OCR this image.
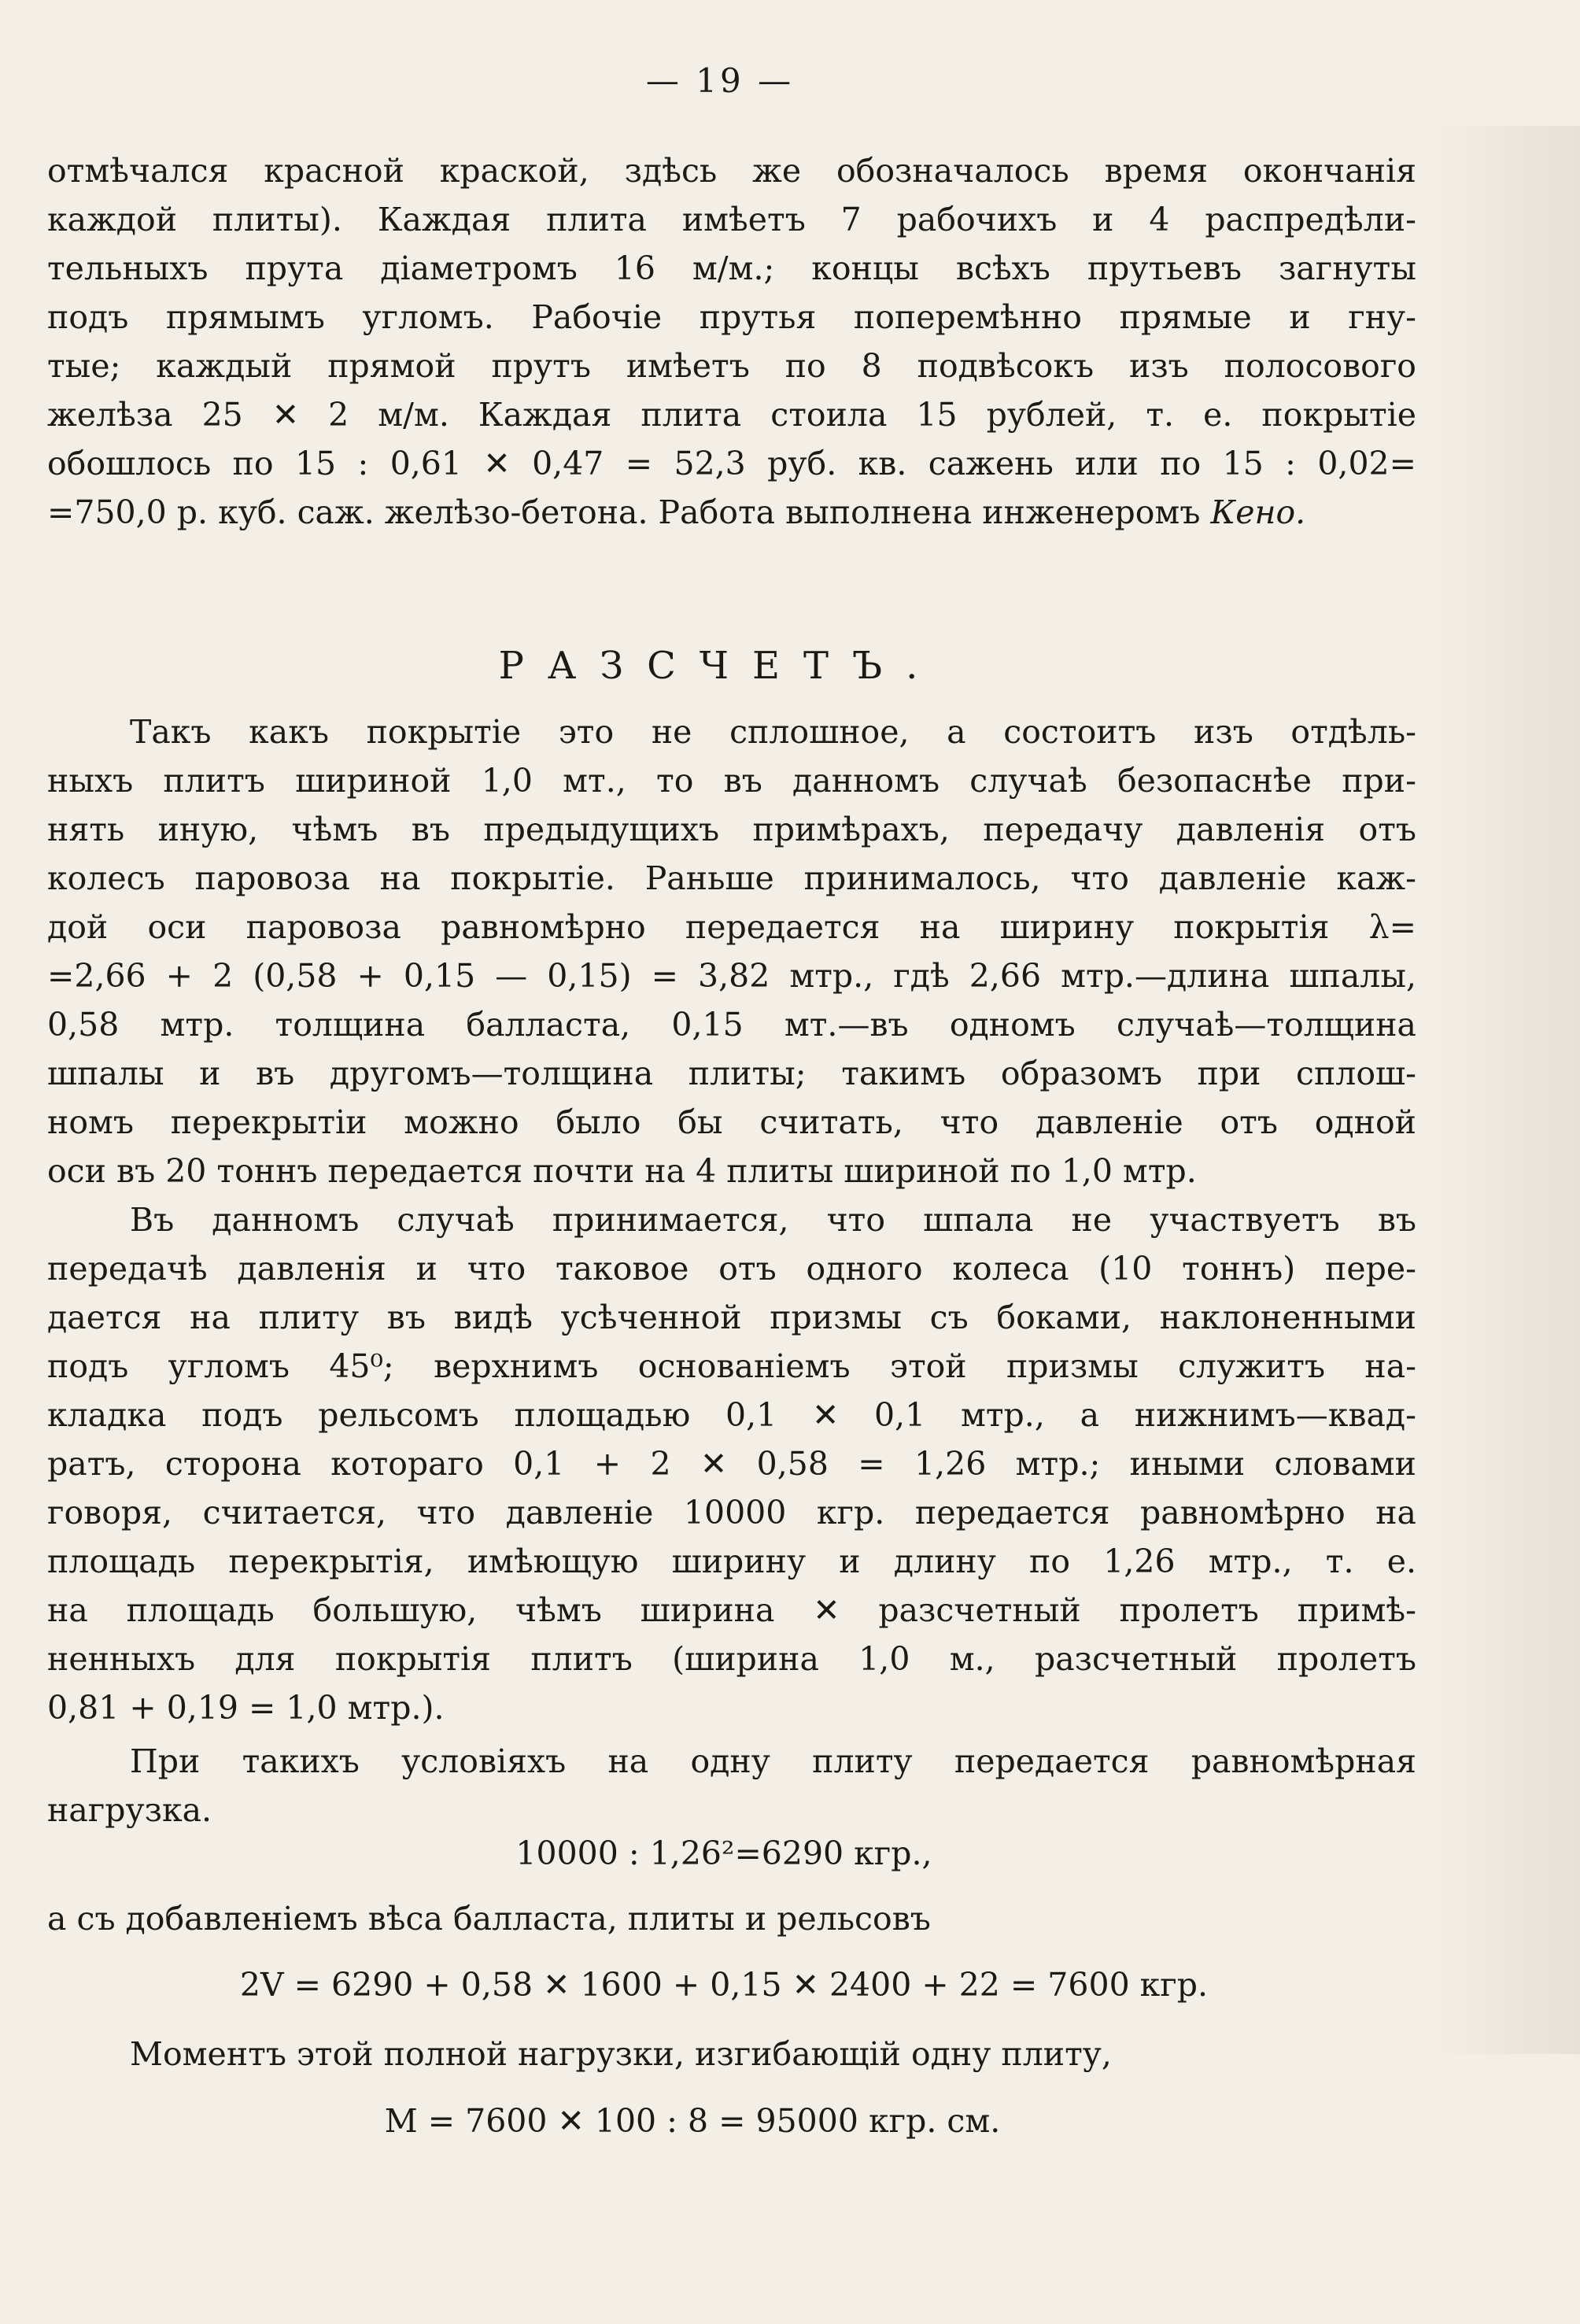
— 19 —
отмѣчался красной краской, здѣсь же обозначалось время окончанія
каждой плиты). Каждая плита имѣетъ 7 рабочихъ и 4 распредѣли-
тельныхъ прута діаметромъ 16 м/м.; концы всѣхъ прутьевъ загнуты
подъ прямымъ угломъ. Рабочіе прутья поперемѣнно прямые и гну-
тые; каждый прямой прутъ имѣетъ по 8 подвѣсокъ изъ полосового
желѣза 25 ✕ 2 м/м. Каждая плита стоила 15 рублей, т. е. покрытіе
обошлось по 15 : 0,61 ✕ 0,47 = 52,3 руб. кв. сажень или по 15 : 0,02=
=750,0 р. куб. саж. желѣзо-бетона. Работа выполнена инженеромъ Кено.
РАЗСЧЕТЪ.
Такъ какъ покрытіе это не сплошное, а состоитъ изъ отдѣль-
ныхъ плитъ шириной 1,0 мт., то въ данномъ случаѣ безопаснѣе при-
нять иную, чѣмъ въ предыдущихъ примѣрахъ, передачу давленія отъ
колесъ паровоза на покрытіе. Раньше принималось, что давленіе каж-
дой оси паровоза равномѣрно передается на ширину покрытія λ=
=2,66 + 2 (0,58 + 0,15 — 0,15) = 3,82 мтр., гдѣ 2,66 мтр.—длина шпалы,
0,58 мтр. толщина балласта, 0,15 мт.—въ одномъ случаѣ—толщина
шпалы и въ другомъ—толщина плиты; такимъ образомъ при сплош-
номъ перекрытіи можно было бы считать, что давленіе отъ одной
оси въ 20 тоннъ передается почти на 4 плиты шириной по 1,0 мтр.
Въ данномъ случаѣ принимается, что шпала не участвуетъ въ
передачѣ давленія и что таковое отъ одного колеса (10 тоннъ) пере-
дается на плиту въ видѣ усѣченной призмы съ боками, наклоненными
подъ угломъ 45⁰; верхнимъ основаніемъ этой призмы служитъ на-
кладка подъ рельсомъ площадью 0,1 ✕ 0,1 мтр., а нижнимъ—квад-
ратъ, сторона котораго 0,1 + 2 ✕ 0,58 = 1,26 мтр.; иными словами
говоря, считается, что давленіе 10000 кгр. передается равномѣрно на
площадь перекрытія, имѣющую ширину и длину по 1,26 мтр., т. е.
на площадь большую, чѣмъ ширина ✕ разсчетный пролетъ примѣ-
ненныхъ для покрытія плитъ (ширина 1,0 м., разсчетный пролетъ
0,81 + 0,19 = 1,0 мтр.).
При такихъ условіяхъ на одну плиту передается равномѣрная
нагрузка.
10000 : 1,26²=6290 кгр.,
а съ добавленіемъ вѣса балласта, плиты и рельсовъ
2V = 6290 + 0,58 ✕ 1600 + 0,15 ✕ 2400 + 22 = 7600 кгр.
Моментъ этой полной нагрузки, изгибающій одну плиту,
M = 7600 ✕ 100 : 8 = 95000 кгр. см.
